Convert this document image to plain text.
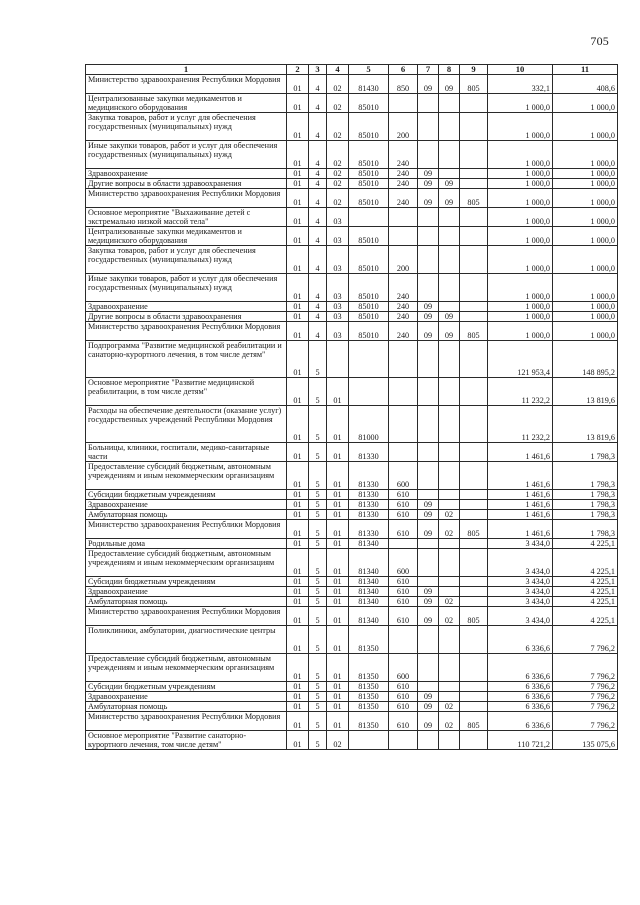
705
1	2	3	4	5	6	7	8	9	10	11
Министерство здравоохранения Республики Мордовия	01	4	02	81430	850	09	09	805	332,1	408,6
Централизованные закупки медикаментов и медицинского оборудования	01	4	02	85010					1 000,0	1 000,0
Закупка товаров, работ и услуг для обеспечения государственных (муниципальных) нужд	01	4	02	85010	200				1 000,0	1 000,0
Иные закупки товаров, работ и услуг для обеспечения государственных (муниципальных) нужд	01	4	02	85010	240				1 000,0	1 000,0
Здравоохранение	01	4	02	85010	240	09			1 000,0	1 000,0
Другие вопросы в области здравоохранения	01	4	02	85010	240	09	09		1 000,0	1 000,0
Министерство здравоохранения Республики Мордовия	01	4	02	85010	240	09	09	805	1 000,0	1 000,0
Основное мероприятие "Выхаживание детей с экстремально низкой массой тела"	01	4	03						1 000,0	1 000,0
Централизованные закупки медикаментов и медицинского оборудования	01	4	03	85010					1 000,0	1 000,0
Закупка товаров, работ и услуг для обеспечения государственных (муниципальных) нужд	01	4	03	85010	200				1 000,0	1 000,0
Иные закупки товаров, работ и услуг для обеспечения государственных (муниципальных) нужд	01	4	03	85010	240				1 000,0	1 000,0
Здравоохранение	01	4	03	85010	240	09			1 000,0	1 000,0
Другие вопросы в области здравоохранения	01	4	03	85010	240	09	09		1 000,0	1 000,0
Министерство здравоохранения Республики Мордовия	01	4	03	85010	240	09	09	805	1 000,0	1 000,0
Подпрограмма "Развитие медицинской реабилитации и санаторно-курортного лечения, в том числе детям"	01	5							121 953,4	148 895,2
Основное мероприятие "Развитие медицинской реабилитации, в том числе детям"	01	5	01						11 232,2	13 819,6
Расходы на обеспечение деятельности (оказание услуг) государственных учреждений Республики Мордовия	01	5	01	81000					11 232,2	13 819,6
Больницы, клиники, госпитали, медико-санитарные части	01	5	01	81330					1 461,6	1 798,3
Предоставление субсидий бюджетным, автономным учреждениям и иным некоммерческим организациям	01	5	01	81330	600				1 461,6	1 798,3
Субсидии бюджетным учреждениям	01	5	01	81330	610				1 461,6	1 798,3
Здравоохранение	01	5	01	81330	610	09			1 461,6	1 798,3
Амбулаторная помощь	01	5	01	81330	610	09	02		1 461,6	1 798,3
Министерство здравоохранения Республики Мордовия	01	5	01	81330	610	09	02	805	1 461,6	1 798,3
Родильные дома	01	5	01	81340					3 434,0	4 225,1
Предоставление субсидий бюджетным, автономным учреждениям и иным некоммерческим организациям	01	5	01	81340	600				3 434,0	4 225,1
Субсидии бюджетным учреждениям	01	5	01	81340	610				3 434,0	4 225,1
Здравоохранение	01	5	01	81340	610	09			3 434,0	4 225,1
Амбулаторная помощь	01	5	01	81340	610	09	02		3 434,0	4 225,1
Министерство здравоохранения Республики Мордовия	01	5	01	81340	610	09	02	805	3 434,0	4 225,1
Поликлиники, амбулатории, диагностические центры	01	5	01	81350					6 336,6	7 796,2
Предоставление субсидий бюджетным, автономным учреждениям и иным некоммерческим организациям	01	5	01	81350	600				6 336,6	7 796,2
Субсидии бюджетным учреждениям	01	5	01	81350	610				6 336,6	7 796,2
Здравоохранение	01	5	01	81350	610	09			6 336,6	7 796,2
Амбулаторная помощь	01	5	01	81350	610	09	02		6 336,6	7 796,2
Министерство здравоохранения Республики Мордовия	01	5	01	81350	610	09	02	805	6 336,6	7 796,2
Основное мероприятие "Развитие санаторно-курортного лечения, том числе детям"	01	5	02						110 721,2	135 075,6
